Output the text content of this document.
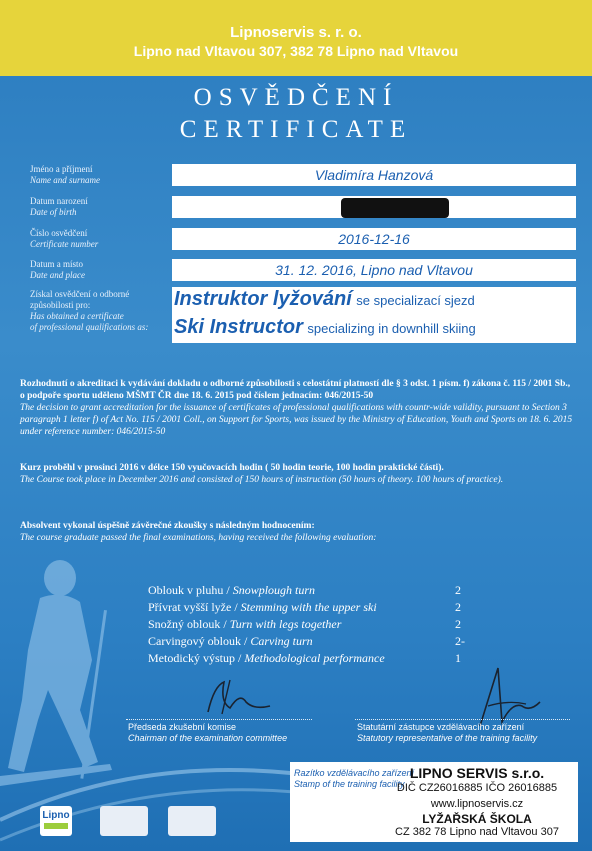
Lipnoservis s. r. o.
Lipno nad Vltavou 307, 382 78 Lipno nad Vltavou
OSVĚDČENÍ
CERTIFICATE
Jméno a příjmení
Name and surname	Vladimíra Hanzová
Datum narození
Date of birth
Číslo osvědčení
Certificate number	2016-12-16
Datum a místo
Date and place	31. 12. 2016, Lipno nad Vltavou
Získal osvědčení o odborné
způsobilosti pro:
Has obtained a certificate
of professional qualifications as:
Instruktor lyžování se specializací sjezd
Ski Instructor specializing in downhill skiing
Rozhodnutí o akreditaci k vydávání dokladu o odborné způsobilosti s celostátní platností dle § 3 odst. 1 písm. f) zákona č. 115 / 2001 Sb., o podpoře sportu uděleno MŠMT ČR dne 18. 6. 2015 pod číslem jednacím: 046/2015-50
The decision to grant accreditation for the issuance of certificates of professional qualifications with countr-wide validity, pursuant to Section 3 paragraph 1 letter f) of Act No. 115 / 2001 Coll., on Support for Sports, was issued by the Ministry of Education, Youth and Sports on 18. 6. 2015 under reference number: 046/2015-50
Kurz proběhl v prosinci 2016 v délce 150 vyučovacích hodin ( 50 hodin teorie, 100 hodin praktické části).
The Course took place in December 2016 and consisted of 150 hours of instruction (50 hours of theory. 100 hours of practice).
Absolvent vykonal úspěšně závěrečné zkoušky s následným hodnocením:
The course graduate passed the final examinations, having received the following evaluation:
Oblouk v pluhu / Snowplough turn	2
Přívrat vyšší lyže / Stemming with the upper ski	2
Snožný oblouk / Turn with legs together	2
Carvingový oblouk / Carving turn	2-
Metodický výstup / Methodological performance	1
Předseda zkušební komise
Chairman of the examination committee
Statutární zástupce vzdělávacího zařízení
Statutory representative of the training facility
Razítko vzdělávacího zařízení
Stamp of the training facility
LIPNO SERVIS s.r.o.
DIČ CZ26016885 IČO 26016885
www.lipnoservis.cz
LYŽAŘSKÁ ŠKOLA
CZ 382 78 Lipno nad Vltavou 307
Lipno
